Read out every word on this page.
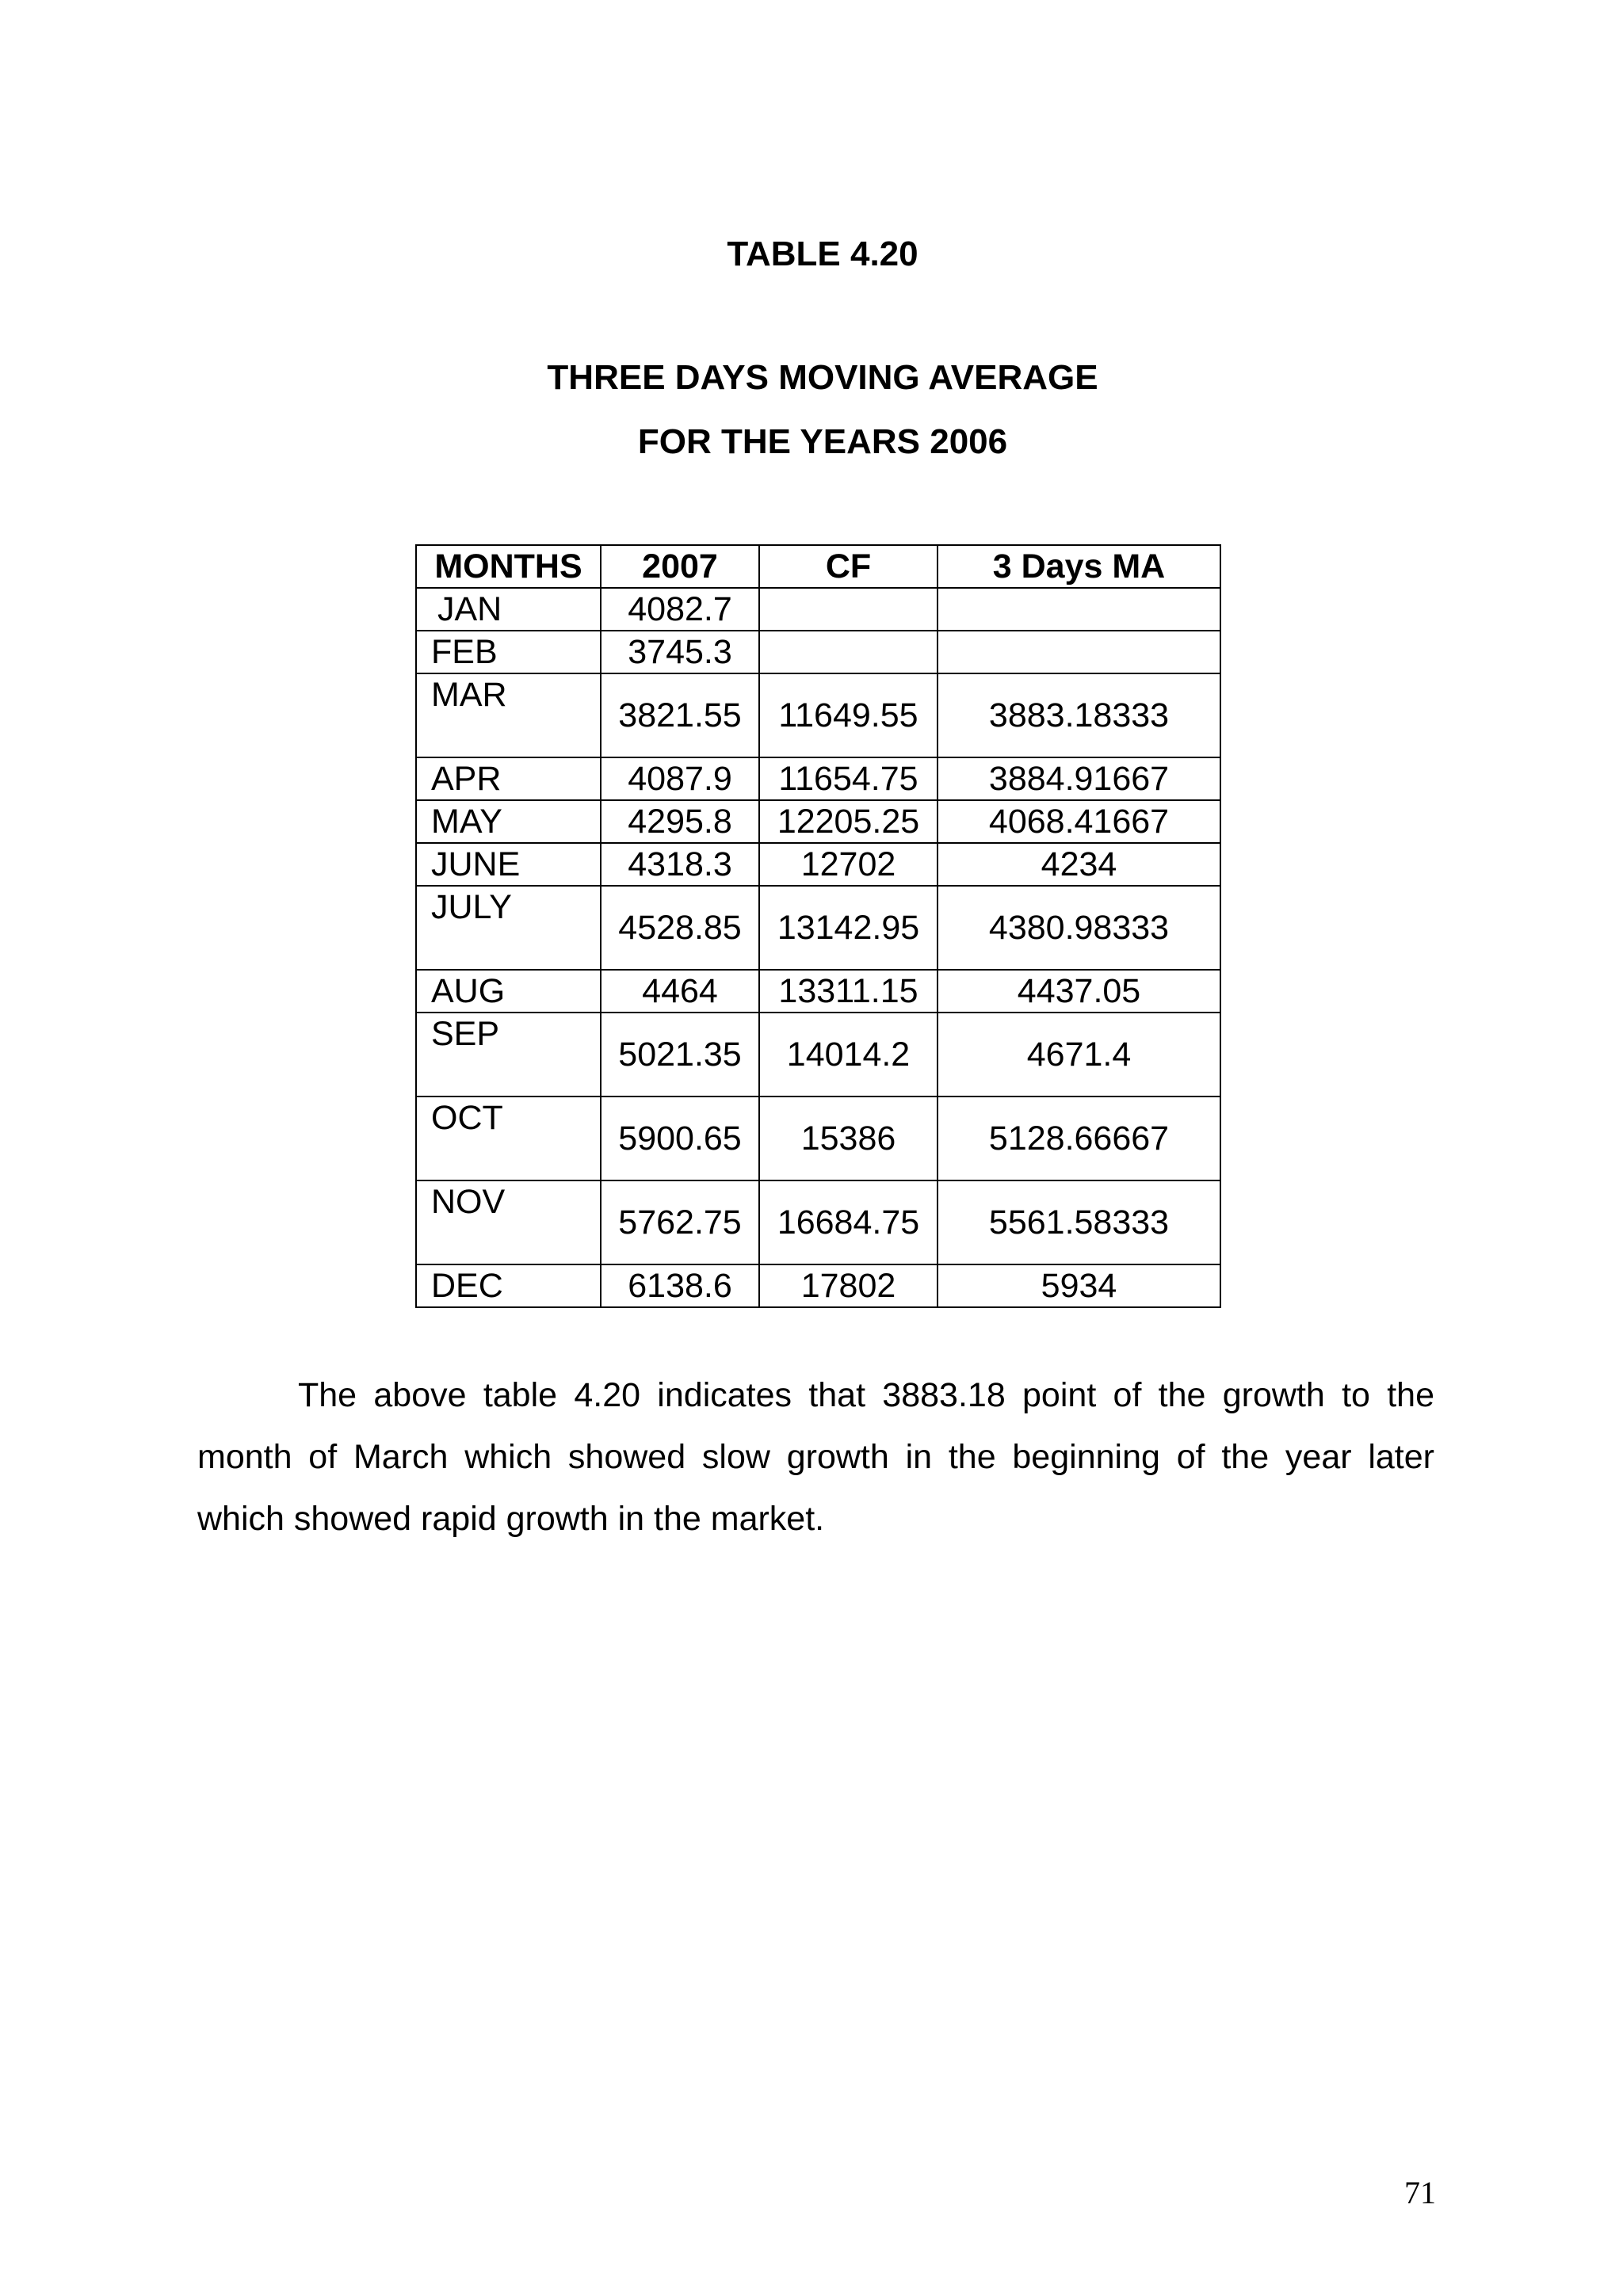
TABLE 4.20
THREE DAYS MOVING AVERAGE
FOR THE YEARS 2006
MONTHS	2007	CF	3 Days MA
JAN	4082.7		
FEB	3745.3		
MAR	3821.55	11649.55	3883.18333
APR	4087.9	11654.75	3884.91667
MAY	4295.8	12205.25	4068.41667
JUNE	4318.3	12702	4234
JULY	4528.85	13142.95	4380.98333
AUG	4464	13311.15	4437.05
SEP	5021.35	14014.2	4671.4
OCT	5900.65	15386	5128.66667
NOV	5762.75	16684.75	5561.58333
DEC	6138.6	17802	5934

The above table 4.20 indicates that 3883.18 point of the growth to the month of March which showed slow growth in the beginning of the year later which showed rapid growth in the market.

71
